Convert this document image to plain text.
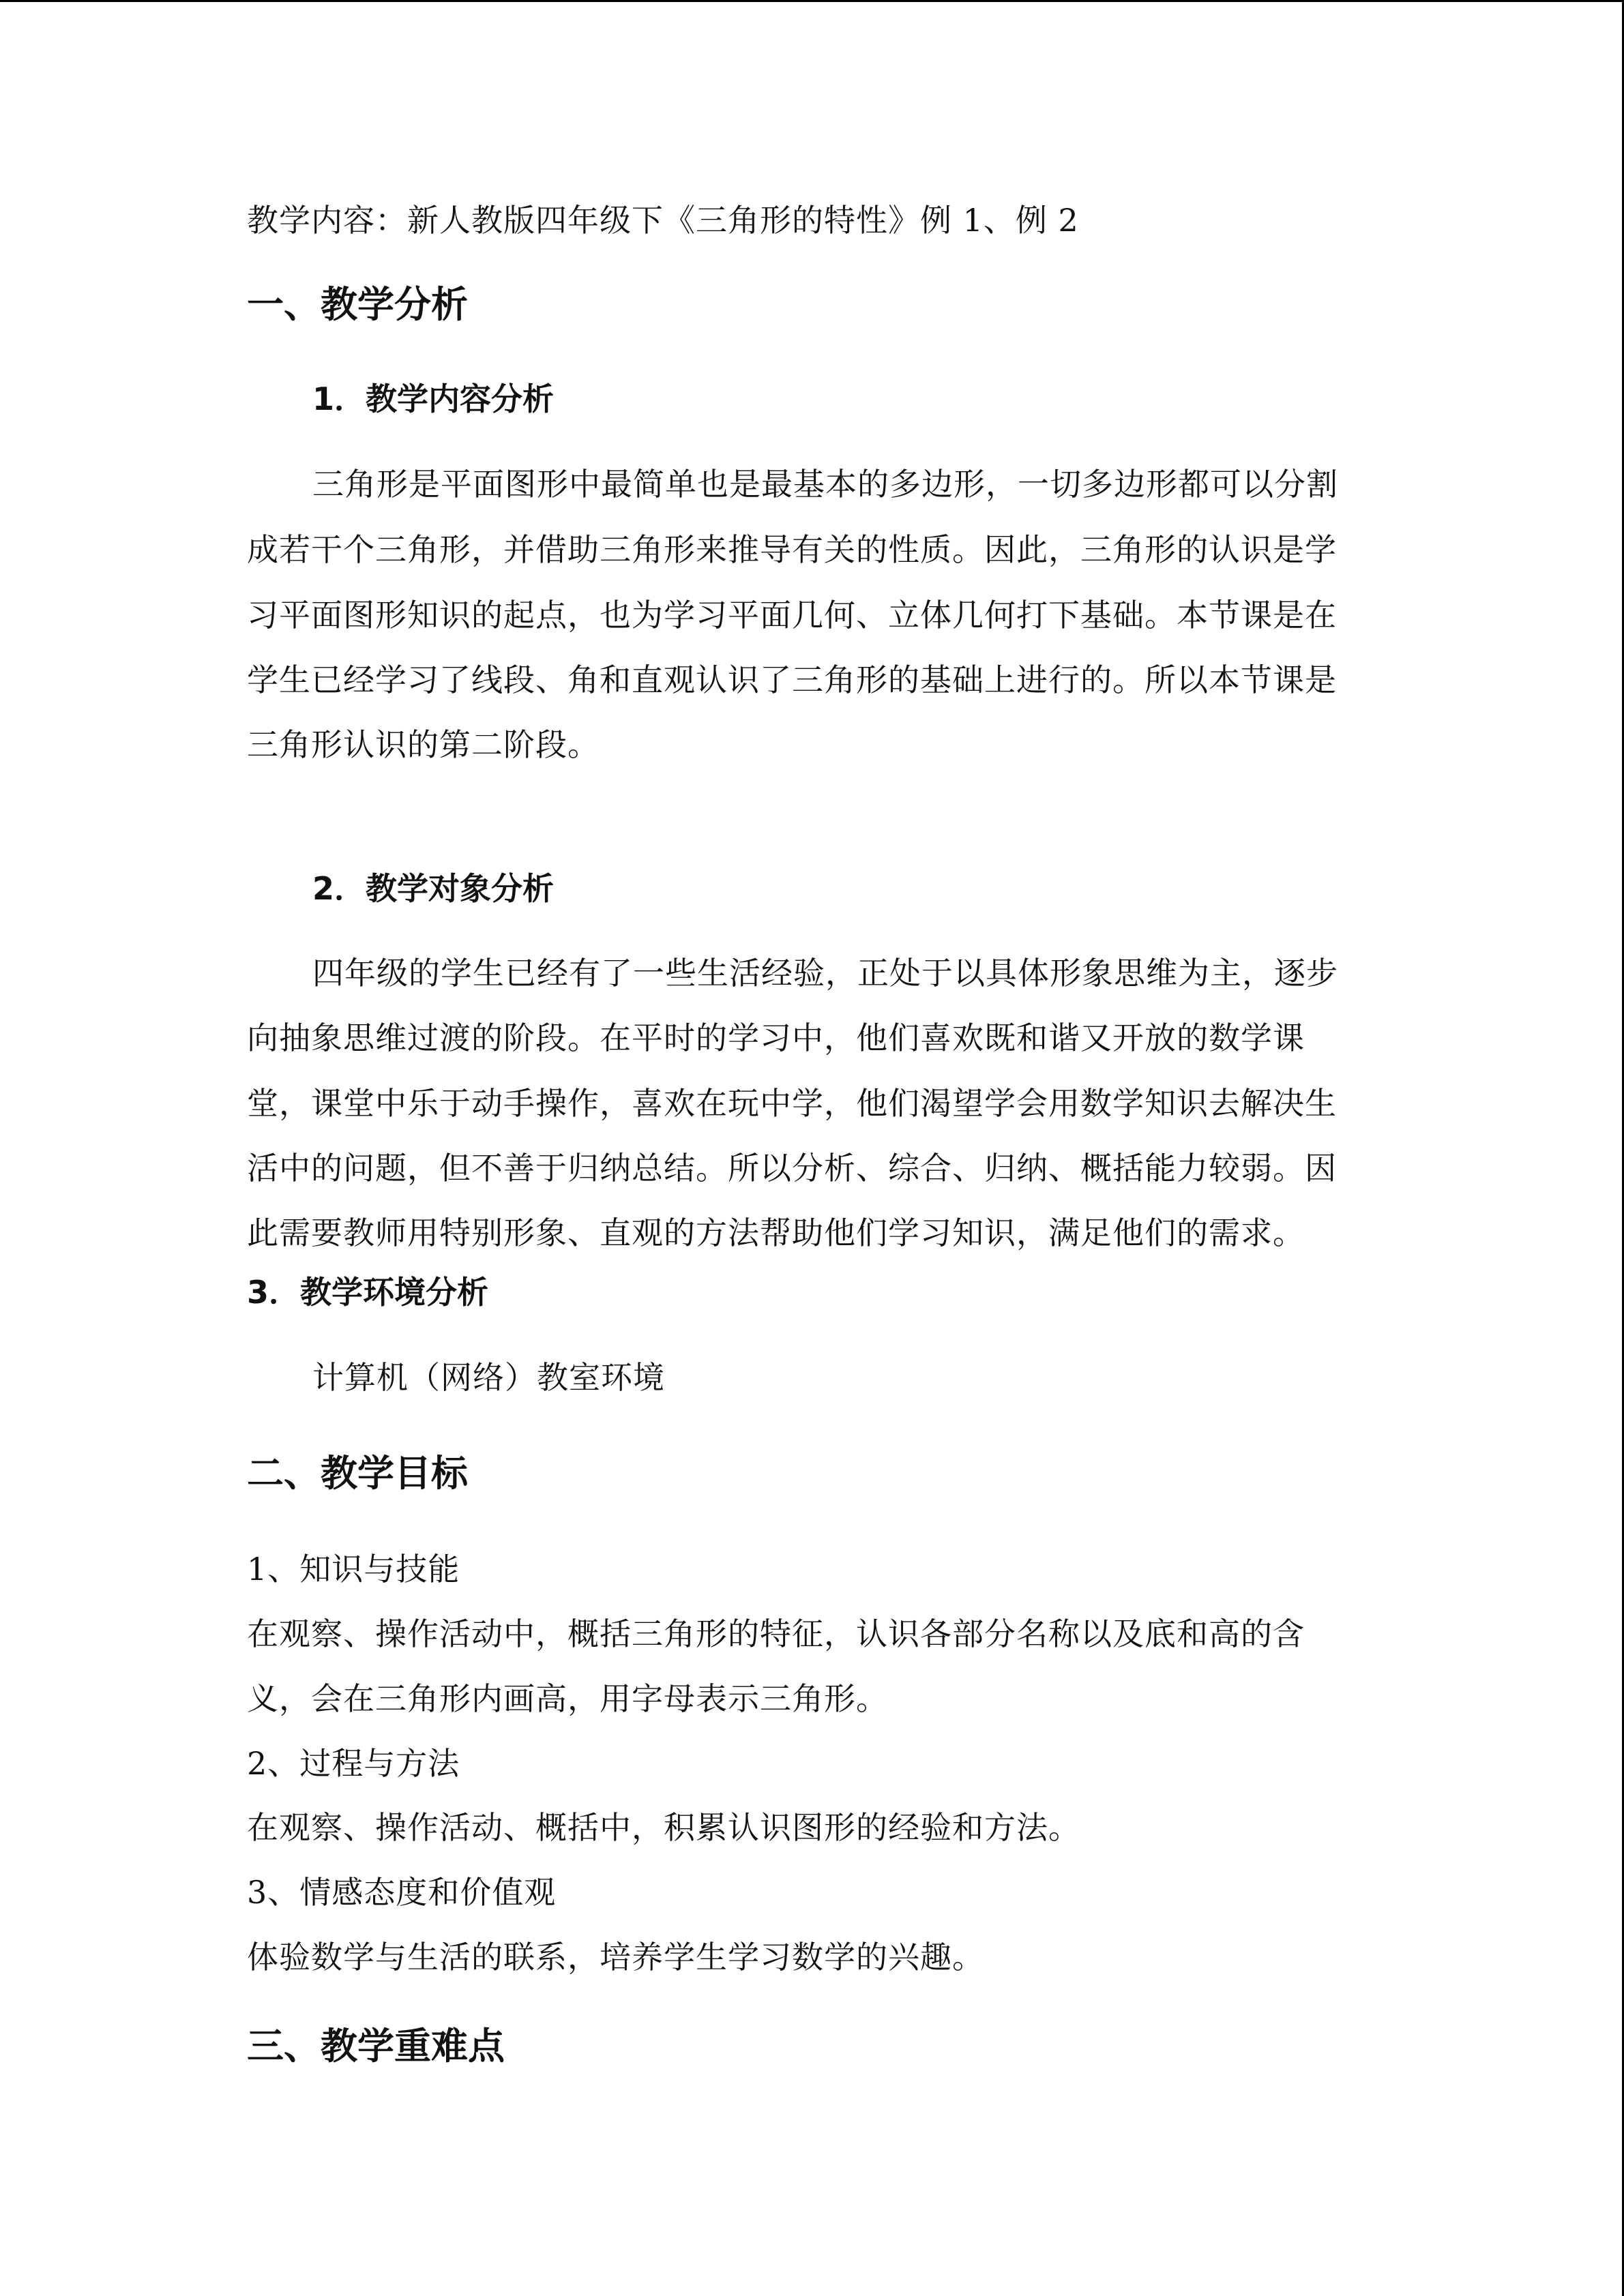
教学内容：新人教版四年级下《三角形的特性》例 1、例 2
一、教学分析
1．教学内容分析
三角形是平面图形中最简单也是最基本的多边形，一切多边形都可以分割
成若干个三角形，并借助三角形来推导有关的性质。因此，三角形的认识是学
习平面图形知识的起点，也为学习平面几何、立体几何打下基础。本节课是在
学生已经学习了线段、角和直观认识了三角形的基础上进行的。所以本节课是
三角形认识的第二阶段。
2．教学对象分析
四年级的学生已经有了一些生活经验，正处于以具体形象思维为主，逐步
向抽象思维过渡的阶段。在平时的学习中，他们喜欢既和谐又开放的数学课
堂，课堂中乐于动手操作，喜欢在玩中学，他们渴望学会用数学知识去解决生
活中的问题，但不善于归纳总结。所以分析、综合、归纳、概括能力较弱。因
此需要教师用特别形象、直观的方法帮助他们学习知识，满足他们的需求。
3．教学环境分析
计算机（网络）教室环境
二、教学目标
1、知识与技能
在观察、操作活动中，概括三角形的特征，认识各部分名称以及底和高的含
义，会在三角形内画高，用字母表示三角形。
2、过程与方法
在观察、操作活动、概括中，积累认识图形的经验和方法。
3、情感态度和价值观
体验数学与生活的联系，培养学生学习数学的兴趣。
三、教学重难点
